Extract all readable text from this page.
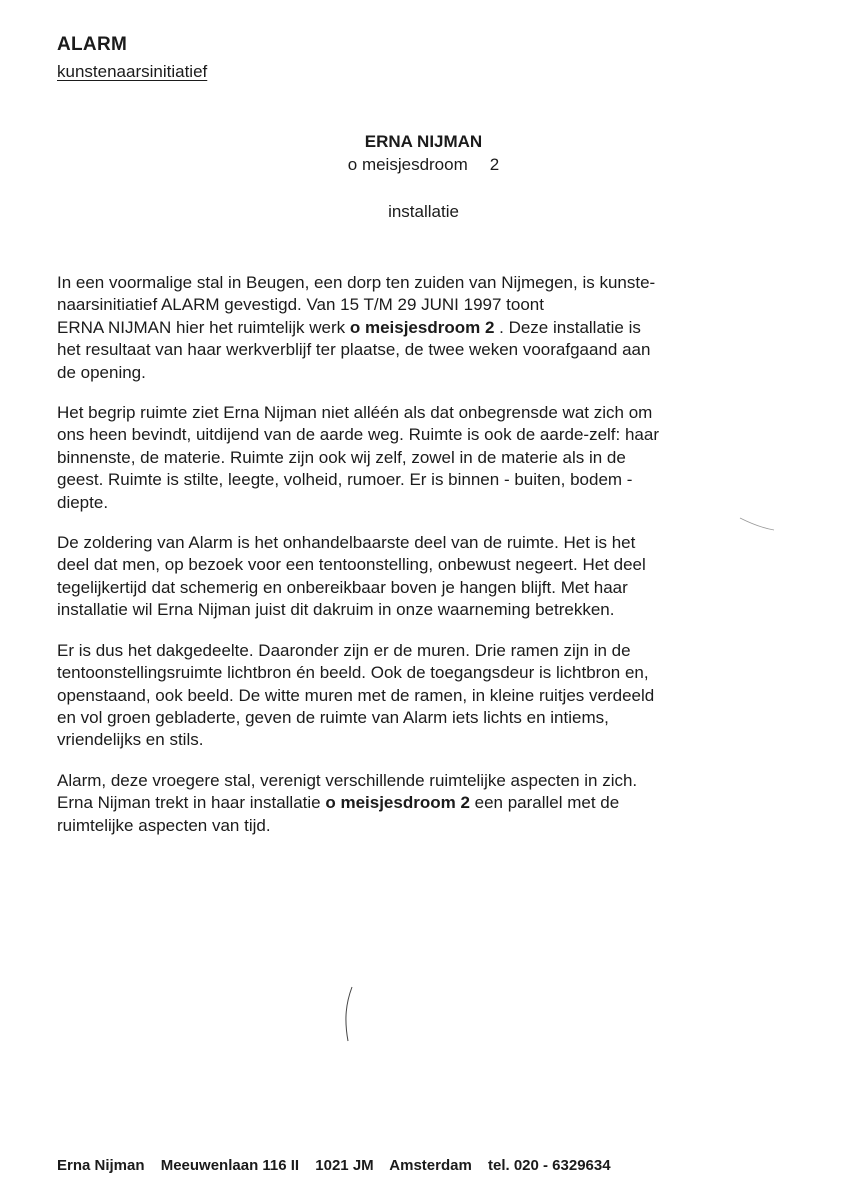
ALARM
kunstenaarsinitiatief
ERNA NIJMAN
o meisjesdroom 2
installatie

In een voormalige stal in Beugen, een dorp ten zuiden van Nijmegen, is kunste-
naarsinitiatief ALARM gevestigd. Van 15 T/M 29 JUNI 1997 toont
ERNA NIJMAN hier het ruimtelijk werk o meisjesdroom 2 . Deze installatie is
het resultaat van haar werkverblijf ter plaatse, de twee weken voorafgaand aan
de opening.

Het begrip ruimte ziet Erna Nijman niet alléén als dat onbegrensde wat zich om
ons heen bevindt, uitdijend van de aarde weg. Ruimte is ook de aarde-zelf: haar
binnenste, de materie. Ruimte zijn ook wij zelf, zowel in de materie als in de
geest. Ruimte is stilte, leegte, volheid, rumoer. Er is binnen - buiten, bodem -
diepte.

De zoldering van Alarm is het onhandelbaarste deel van de ruimte. Het is het
deel dat men, op bezoek voor een tentoonstelling, onbewust negeert. Het deel
tegelijkertijd dat schemerig en onbereikbaar boven je hangen blijft. Met haar
installatie wil Erna Nijman juist dit dakruim in onze waarneming betrekken.

Er is dus het dakgedeelte. Daaronder zijn er de muren. Drie ramen zijn in de
tentoonstellingsruimte lichtbron én beeld. Ook de toegangsdeur is lichtbron en,
openstaand, ook beeld. De witte muren met de ramen, in kleine ruitjes verdeeld
en vol groen gebladerte, geven de ruimte van Alarm iets lichts en intiems,
vriendelijks en stils.

Alarm, deze vroegere stal, verenigt verschillende ruimtelijke aspecten in zich.
Erna Nijman trekt in haar installatie o meisjesdroom 2 een parallel met de
ruimtelijke aspecten van tijd.

Erna Nijman Meeuwenlaan 116 II 1021 JM Amsterdam tel. 020 - 6329634
